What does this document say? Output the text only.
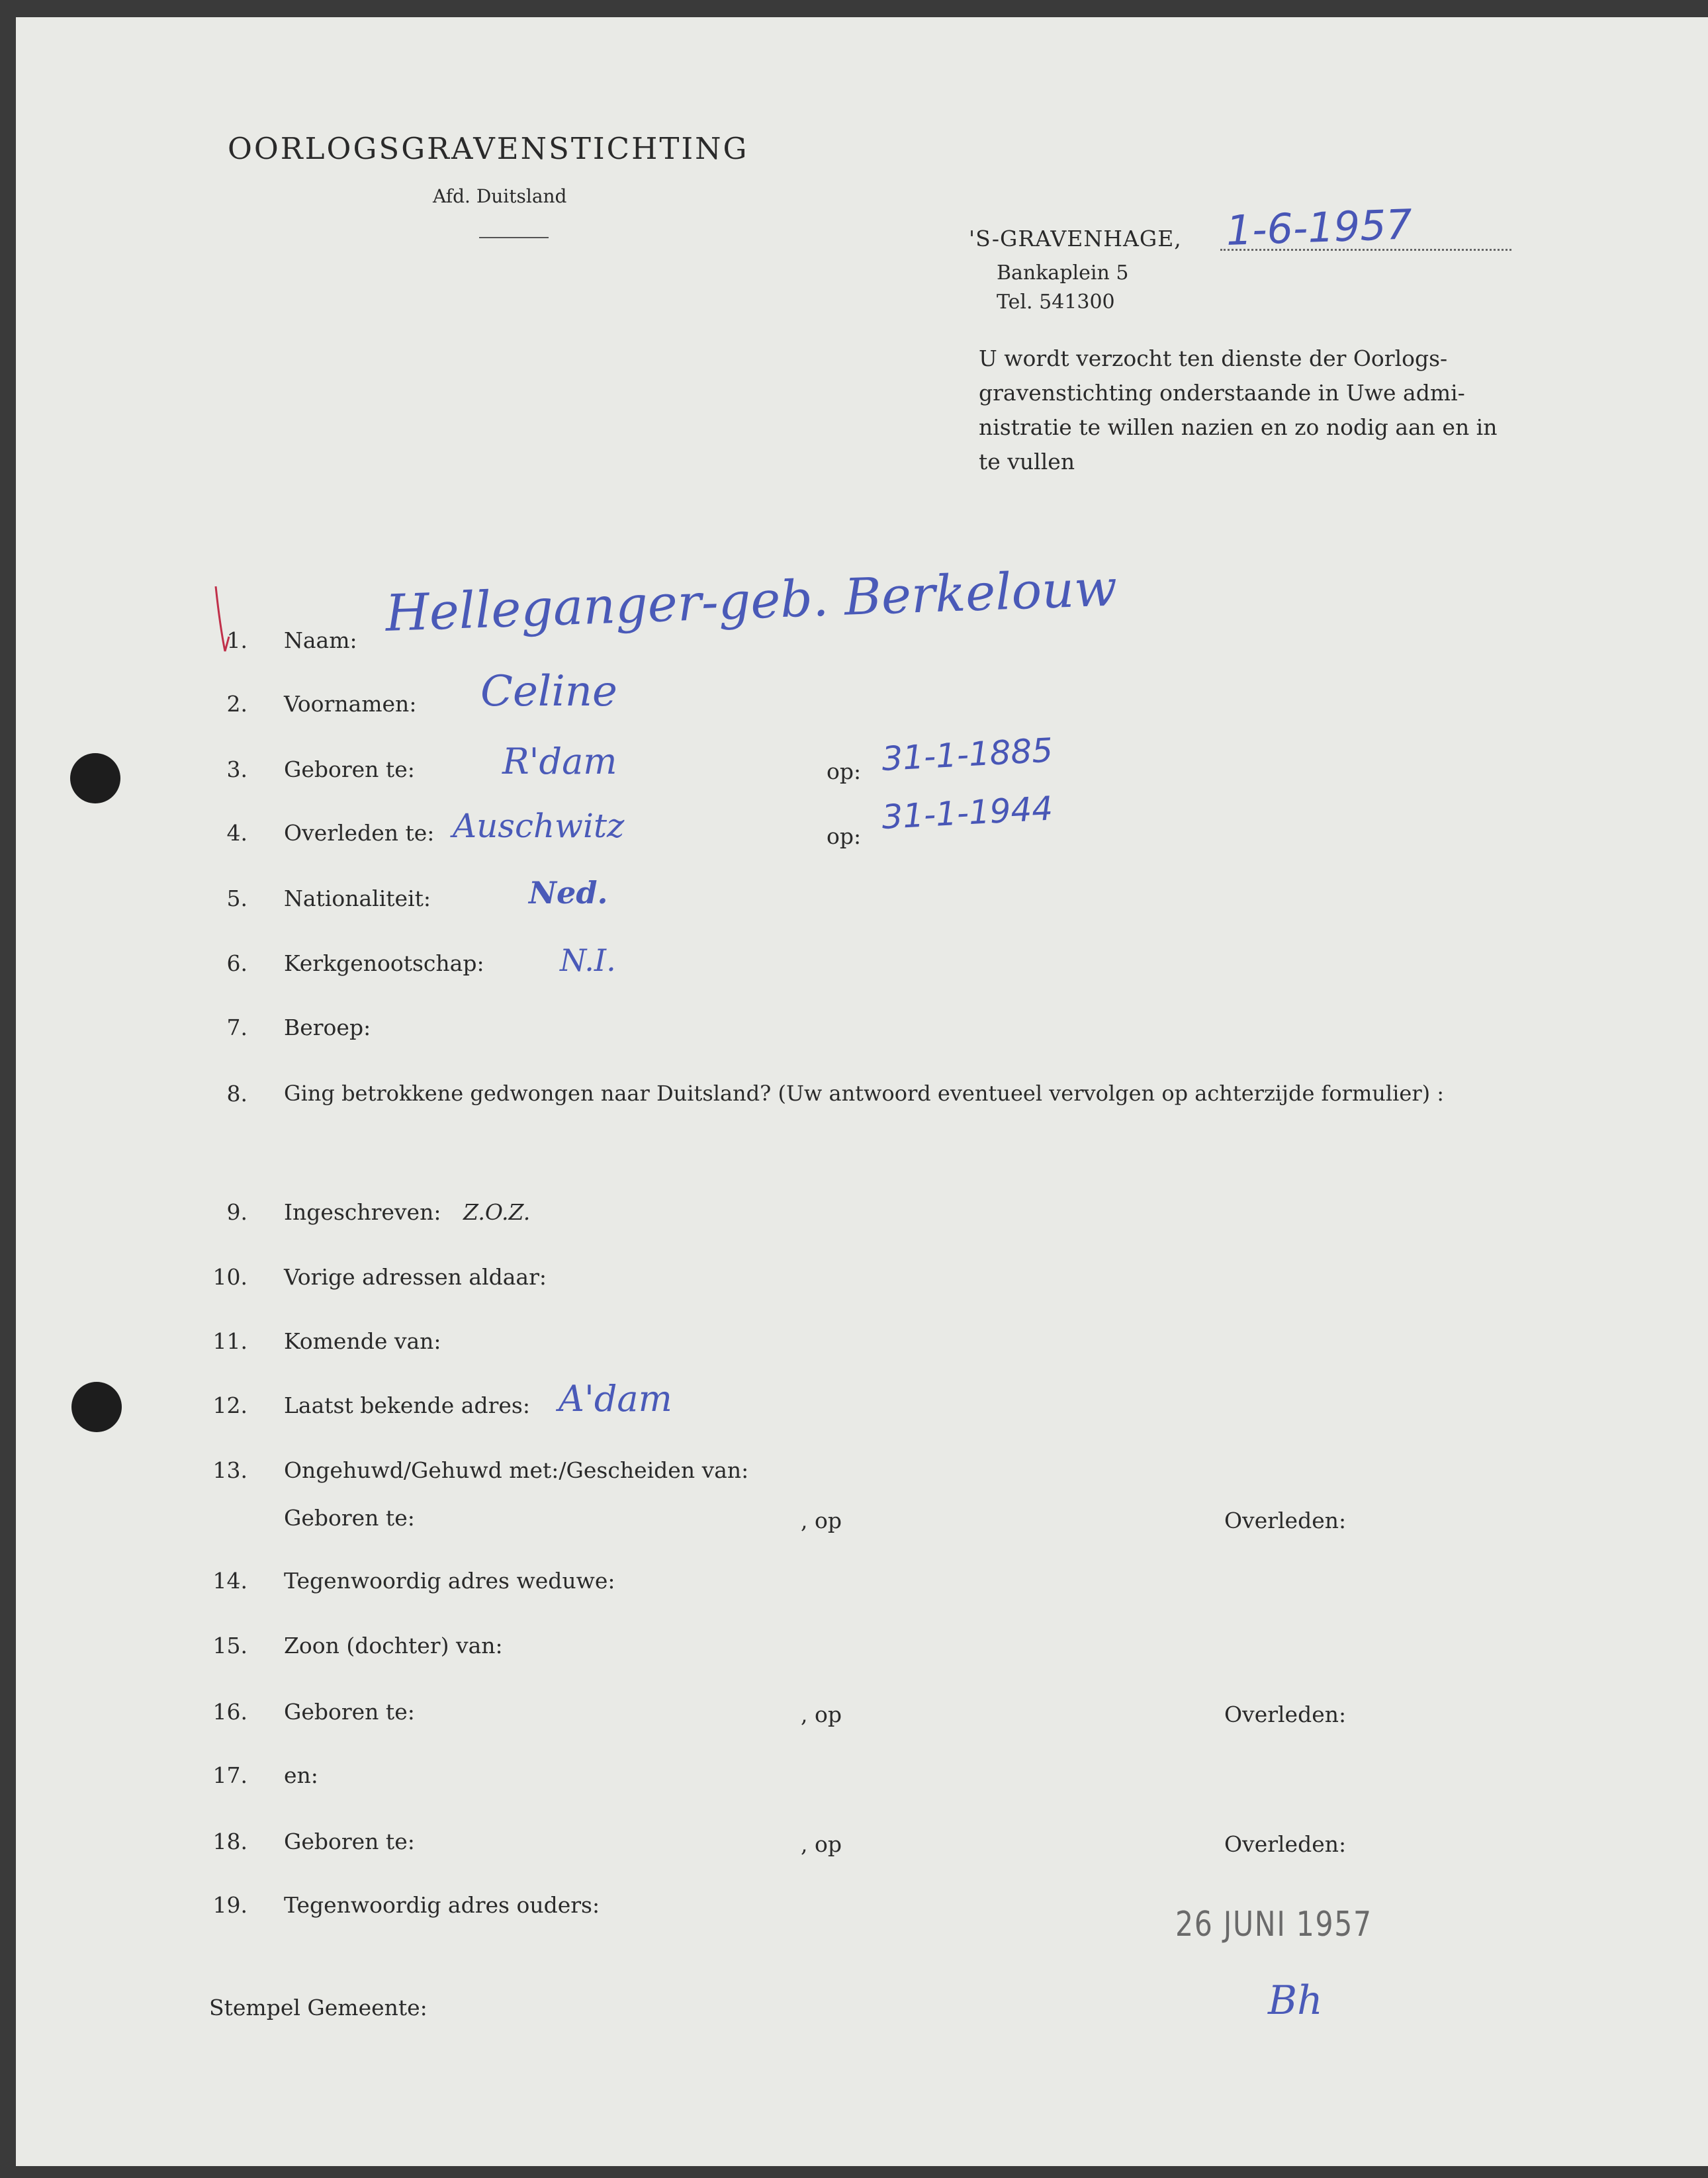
OORLOGSGRAVENSTICHTING
Afd. Duitsland
'S-GRAVENHAGE, 1-6-1957
Bankaplein 5
Tel. 541300
U wordt verzocht ten dienste der Oorlogs- gravenstichting onderstaande in Uwe admi- nistratie te willen nazien en zo nodig aan en in te vullen
1. Naam: Helleganger-geb. Berkelouw
2. Voornamen: Celine
3. Geboren te: R'dam	op: 31-1-1885
4. Overleden te: Auschwitz	op: 31-1-1944
5. Nationaliteit:	Ned.
6. Kerkgenootschap: N.I.
7. Beroep:
8. Ging betrokkene gedwongen naar Duitsland? (Uw antwoord eventueel vervolgen op achterzijde formulier) :
9. Ingeschreven: Z.O.Z.
10. Vorige adressen aldaar:
11. Komende van:
12. Laatst bekende adres: A'dam
13. Ongehuwd/Gehuwd met:/Gescheiden van:
Geboren te:	, op	Overleden:
14. Tegenwoordig adres weduwe:
15. Zoon (dochter) van:
16. Geboren te:	, op	Overleden:
17. en:
18. Geboren te:	, op	Overleden:
19. Tegenwoordig adres ouders:	26 JUNI 1957
Stempel Gemeente:	Bh
